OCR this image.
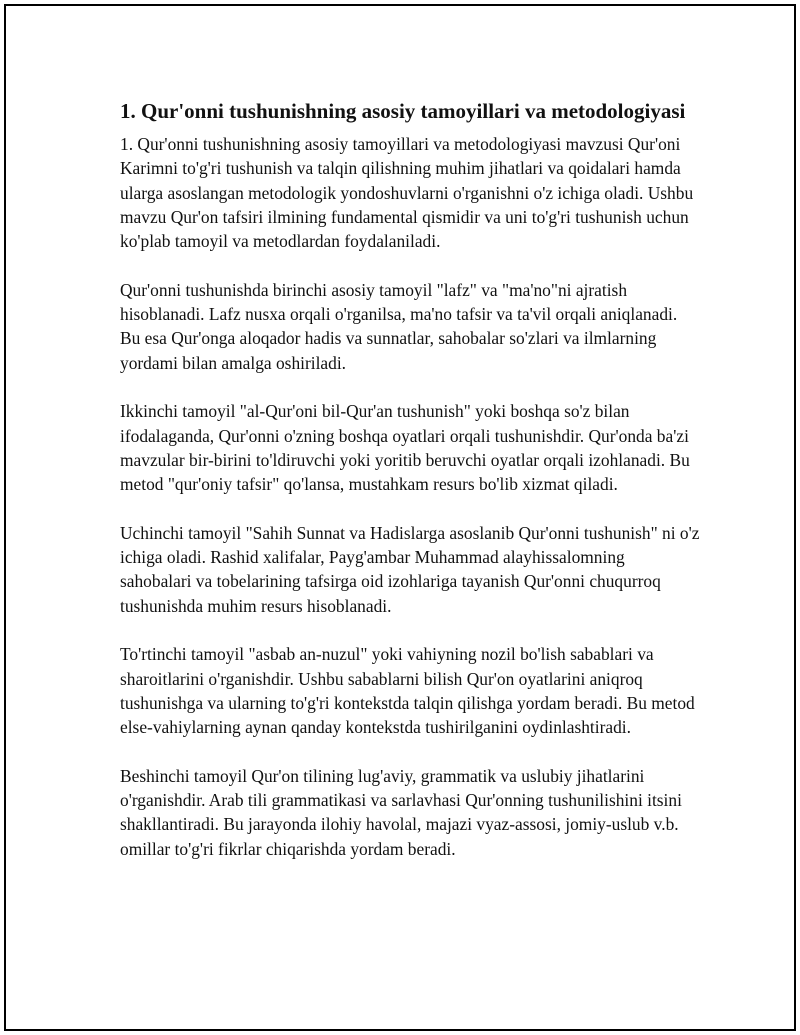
1. Qur'onni tushunishning asosiy tamoyillari va metodologiyasi

1. Qur'onni tushunishning asosiy tamoyillari va metodologiyasi mavzusi Qur'oni Karimni to'g'ri tushunish va talqin qilishning muhim jihatlari va qoidalari hamda ularga asoslangan metodologik yondoshuvlarni o'rganishni o'z ichiga oladi. Ushbu mavzu Qur'on tafsiri ilmining fundamental qismidir va uni to'g'ri tushunish uchun ko'plab tamoyil va metodlardan foydalaniladi.

Qur'onni tushunishda birinchi asosiy tamoyil "lafz" va "ma'no"ni ajratish hisoblanadi. Lafz nusxa orqali o'rganilsa, ma'no tafsir va ta'vil orqali aniqlanadi. Bu esa Qur'onga aloqador hadis va sunnatlar, sahobalar so'zlari va ilmlarning yordami bilan amalga oshiriladi.

Ikkinchi tamoyil "al-Qur'oni bil-Qur'an tushunish" yoki boshqa so'z bilan ifodalaganda, Qur'onni o'zning boshqa oyatlari orqali tushunishdir. Qur'onda ba'zi mavzular bir-birini to'ldiruvchi yoki yoritib beruvchi oyatlar orqali izohlanadi. Bu metod "qur'oniy tafsir" qo'lansa, mustahkam resurs bo'lib xizmat qiladi.

Uchinchi tamoyil "Sahih Sunnat va Hadislarga asoslanib Qur'onni tushunish" ni o'z ichiga oladi. Rashid xalifalar, Payg'ambar Muhammad alayhissalomning sahobalari va tobelarining tafsirga oid izohlariga tayanish Qur'onni chuqurroq tushunishda muhim resurs hisoblanadi.

To'rtinchi tamoyil "asbab an-nuzul" yoki vahiyning nozil bo'lish sabablari va sharoitlarini o'rganishdir. Ushbu sabablarni bilish Qur'on oyatlarini aniqroq tushunishga va ularning to'g'ri kontekstda talqin qilishga yordam beradi. Bu metod else-vahiylarning aynan qanday kontekstda tushirilganini oydinlashtiradi.

Beshinchi tamoyil Qur'on tilining lug'aviy, grammatik va uslubiy jihatlarini o'rganishdir. Arab tili grammatikasi va sarlavhasi Qur'onning tushunilishini itsini shakllantiradi. Bu jarayonda ilohiy havolal, majazi vyaz-assosi, jomiy-uslub v.b. omillar to'g'ri fikrlar chiqarishda yordam beradi.
